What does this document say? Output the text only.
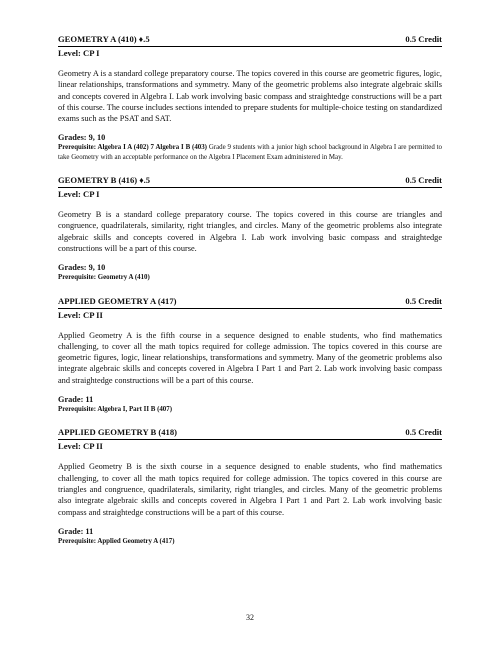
GEOMETRY A (410) ♦.5	0.5 Credit
Level: CP I
Geometry A is a standard college preparatory course. The topics covered in this course are geometric figures, logic, linear relationships, transformations and symmetry. Many of the geometric problems also integrate algebraic skills and concepts covered in Algebra I. Lab work involving basic compass and straightedge constructions will be a part of this course. The course includes sections intended to prepare students for multiple-choice testing on standardized exams such as the PSAT and SAT.
Grades: 9, 10
Prerequisite: Algebra I A (402) 7 Algebra I B (403) Grade 9 students with a junior high school background in Algebra I are permitted to take Geometry with an acceptable performance on the Algebra I Placement Exam administered in May.
GEOMETRY B (416) ♦.5	0.5 Credit
Level: CP I
Geometry B is a standard college preparatory course. The topics covered in this course are triangles and congruence, quadrilaterals, similarity, right triangles, and circles. Many of the geometric problems also integrate algebraic skills and concepts covered in Algebra I. Lab work involving basic compass and straightedge constructions will be a part of this course.
Grades: 9, 10
Prerequisite: Geometry A (410)
APPLIED GEOMETRY A (417)	0.5 Credit
Level: CP II
Applied Geometry A is the fifth course in a sequence designed to enable students, who find mathematics challenging, to cover all the math topics required for college admission. The topics covered in this course are geometric figures, logic, linear relationships, transformations and symmetry. Many of the geometric problems also integrate algebraic skills and concepts covered in Algebra I Part 1 and Part 2. Lab work involving basic compass and straightedge constructions will be a part of this course.
Grade: 11
Prerequisite: Algebra I, Part II B (407)
APPLIED GEOMETRY B (418)	0.5 Credit
Level: CP II
Applied Geometry B is the sixth course in a sequence designed to enable students, who find mathematics challenging, to cover all the math topics required for college admission. The topics covered in this course are triangles and congruence, quadrilaterals, similarity, right triangles, and circles. Many of the geometric problems also integrate algebraic skills and concepts covered in Algebra I Part 1 and Part 2. Lab work involving basic compass and straightedge constructions will be a part of this course.
Grade: 11
Prerequisite: Applied Geometry A (417)
32
